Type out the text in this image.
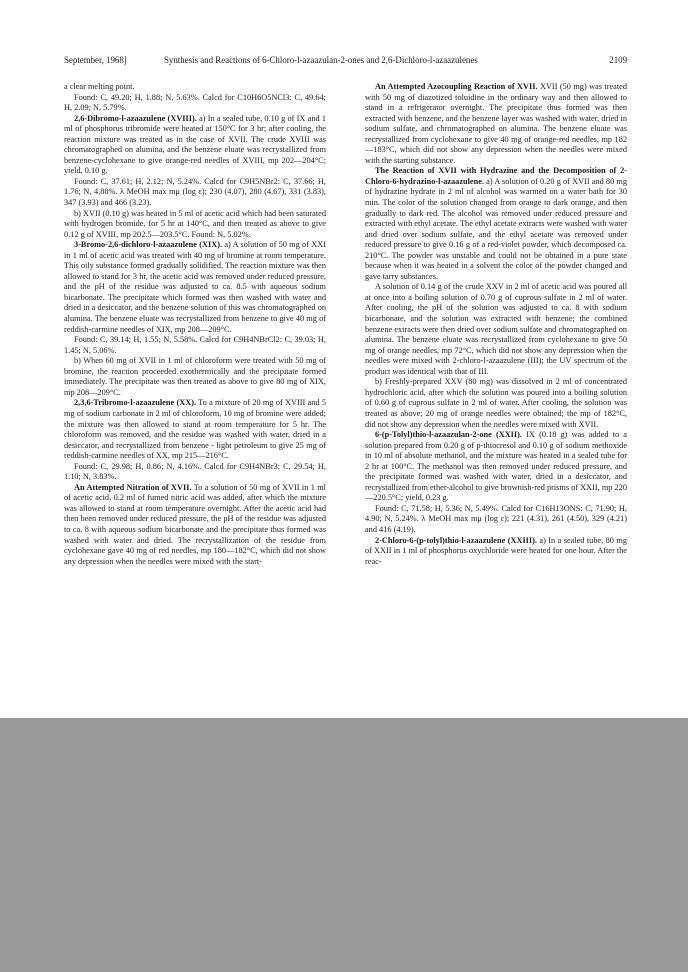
September, 1968]	Synthesis and Reactions of 6-Chloro-l-azaazulan-2-ones and 2,6-Dichloro-l-azaazulenes	2109

a clear melting point.

Found: C, 49.20; H, 1.88; N, 5.63%. Calcd for C10H6O5NCl3: C, 49.64; H, 2.09; N, 5.79%.

2,6-Dibromo-l-azaazulene (XVIII). a) In a sealed tube, 0.10 g of IX and 1 ml of phosphorus tribromide were heated at 150°C for 3 hr; after cooling, the reaction mixture was treated as in the case of XVII. The crude XVIII was chromatographed on alumina, and the benzene eluate was recrystallized from benzene-cyclohexane to give orange-red needles of XVIII, mp 202—204°C; yield, 0.10 g.

Found: C, 37.61; H, 2.12; N, 5.24%. Calcd for C9H5NBr2: C, 37.66; H, 1.76; N, 4.88%. λ MeOH max mμ (log ε); 230 (4.07), 280 (4.67), 331 (3.83), 347 (3.93) and 466 (3.23).

b) XVII (0.10 g) was heated in 5 ml of acetic acid which had been saturated with hydrogen bromide, for 5 hr at 140°C, and then treated as above to give 0.12 g of XVIII, mp 202.5—203.5°C. Found: N, 5.02%.

3-Bromo-2,6-dichloro-l-azaazulene (XIX). a) A solution of 50 mg of XXI in 1 ml of acetic acid was treated with 40 mg of bromine at room temperature. This oily substance formed gradually solidified. The reaction mixture was then allowed to stand for 3 hr, the acetic acid was removed under reduced pressure, and the pH of the residue was adjusted to ca. 8.5 with aqueous sodium bicarbonate. The precipitate which formed was then washed with water and dried in a desiccator, and the benzene solution of this was chromatographed on alumina. The benzene eluate was recrystallized from benzene to give 40 mg of reddish-carmine needles of XIX, mp 208—209°C.

Found: C, 39.14; H, 1.55; N, 5.58%. Calcd for C9H4NBrCl2: C, 39.03; H, 1.45; N, 5.06%.

b) When 60 mg of XVII in 1 ml of chloroform were treated with 50 mg of bromine, the reaction proceeded exothermically and the precipitate formed immediately. The precipitate was then treated as above to give 80 mg of XIX, mp 208—209°C.

2,3,6-Tribromo-l-azaazulene (XX). To a mixture of 20 mg of XVIII and 5 mg of sodium carbonate in 2 ml of chloroform, 10 mg of bromine were added; the mixture was then allowed to stand at room temperature for 5 hr. The chloroform was removed, and the residue was washed with water, dried in a desiccator, and recrystallized from benzene - light petroleum to give 25 mg of reddish-carmine needles of XX, mp 215—216°C.

Found: C, 29.98; H, 0.86; N, 4.16%. Calcd for C9H4NBr3: C, 29.54; H, 1.10; N, 3.83%.

An Attempted Nitration of XVII. To a solution of 50 mg of XVII in 1 ml of acetic acid, 0.2 ml of fumed nitric acid was added, after which the mixture was allowed to stand at room temperature overnight. After the acetic acid had then been removed under reduced pressure, the pH of the residue was adjusted to ca. 8 with aqueous sodium bicarbonate and the precipitate thus formed was washed with water and dried. The recrystallization of the residue from cyclohexane gave 40 mg of red needles, mp 180—182°C, which did not show any depression when the needles were mixed with the start-

An Attempted Azocoupling Reaction of XVII. XVII (50 mg) was treated with 50 mg of diazotized toluidine in the ordinary way and then allowed to stand in a refrigerator overnight. The precipitate thus formed was then extracted with benzene, and the benzene layer was washed with water, dried in sodium sulfate, and chromatographed on alumina. The benzene eluate was recrystallized from cyclohexane to give 40 mg of orange-red needles, mp 182—183°C, which did not show any depression when the needles were mixed with the starting substance.

The Reaction of XVII with Hydrazine and the Decomposition of 2-Chloro-6-hydrazino-l-azaazulene. a) A solution of 0.20 g of XVII and 80 mg of hydrazine hydrate in 2 ml of alcohol was warmed on a water bath for 30 min. The color of the solution changed from orange to dark orange, and then gradually to dark red. The alcohol was removed under reduced pressure and extracted with ethyl acetate. The ethyl acetate extracts were washed with water and dried over sodium sulfate, and the ethyl acetate was removed under reduced pressure to give 0.16 g of a red-violet powder, which decomposed ca. 210°C. The powder was unstable and could not be obtained in a pure state because when it was heated in a solvent the color of the powder changed and gave tarry substances.

A solution of 0.14 g of the crude XXV in 2 ml of acetic acid was poured all at once into a boiling solution of 0.70 g of cuprous sulfate in 2 ml of water. After cooling, the pH of the solution was adjusted to ca. 8 with sodium bicarbonate, and the solution was extracted with benzene; the combined benzene extracts were then dried over sodium sulfate and chromatographed on alumina. The benzene eluate was recrystallized from cyclohexane to give 50 mg of orange needles, mp 72°C, which did not show any depression when the needles were mixed with 2-chloro-l-azaazulene (III); the UV spectrum of the product was identical with that of III.

b) Freshly-prepared XXV (80 mg) was dissolved in 2 ml of concentrated hydrochloric acid, after which the solution was poured into a boiling solution of 0.60 g of cuprous sulfate in 2 ml of water. After cooling, the solution was treated as above; 20 mg of orange needles were obtained; the mp of 182°C, did not show any depression when the needles were mixed with XVII.

6-(p-Tolyl)thio-l-azaazulan-2-one (XXII). IX (0.18 g) was added to a solution prepared from 0.20 g of p-thiocresol and 0.10 g of sodium methoxide in 10 ml of absolute methanol, and the mixture was heated in a sealed tube for 2 hr at 100°C. The methanol was then removed under reduced pressure, and the precipitate formed was washed with water, dried in a desiccator, and recrystallized from ether-alcohol to give brownish-red prisms of XXII, mp 220—220.5°C; yield, 0.23 g.

Found: C, 71.58; H, 5.36; N, 5.49%. Calcd for C16H13ONS: C, 71.90; H, 4.90; N, 5.24%. λ MeOH max mμ (log ε); 221 (4.31), 261 (4.50), 329 (4.21) and 416 (4.19).

2-Chloro-6-(p-tolyl)thio-l-azaazulene (XXIII). a) In a sealed tube, 80 mg of XXII in 1 ml of phosphorus oxychloride were heated for one hour. After the reac-
